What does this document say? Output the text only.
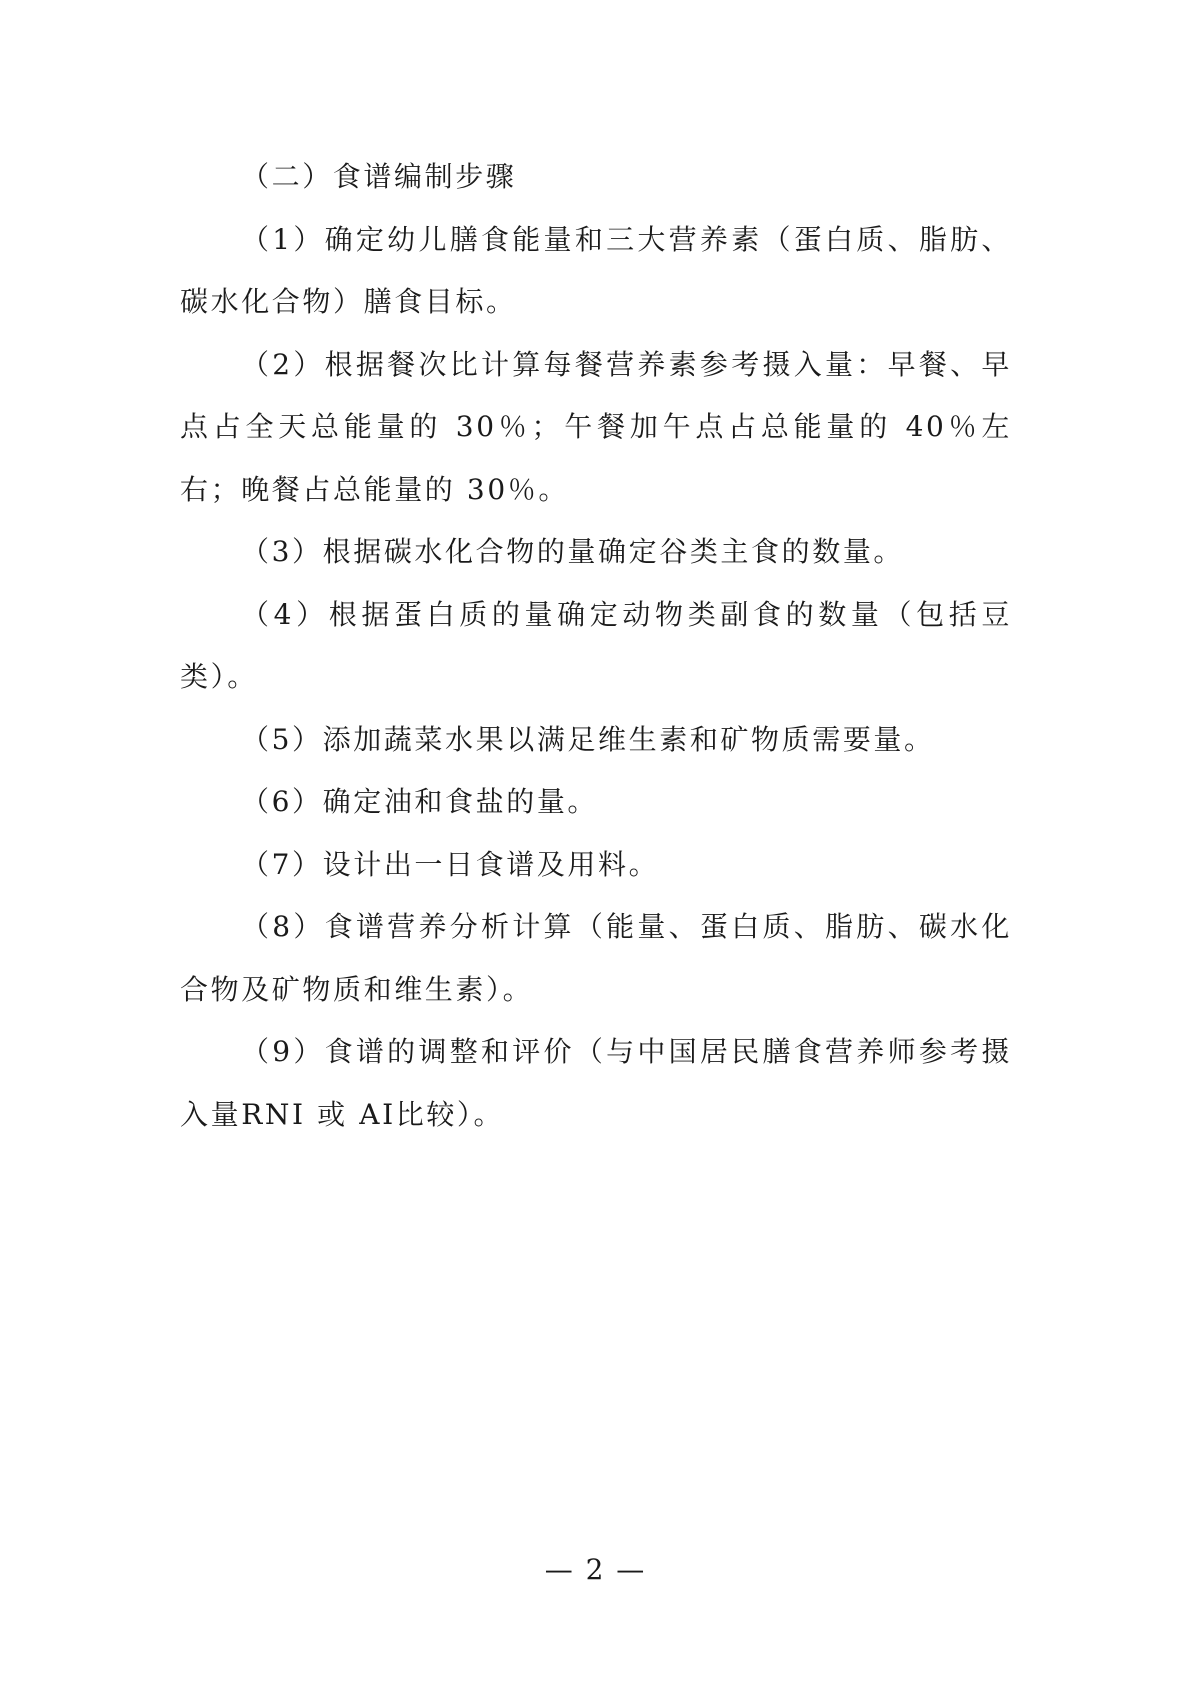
（二）食谱编制步骤

（1）确定幼儿膳食能量和三大营养素（蛋白质、脂肪、碳水化合物）膳食目标。

（2）根据餐次比计算每餐营养素参考摄入量：早餐、早点占全天总能量的 30％；午餐加午点占总能量的 40％左右；晚餐占总能量的 30％。

（3）根据碳水化合物的量确定谷类主食的数量。

（4）根据蛋白质的量确定动物类副食的数量（包括豆类）。

（5）添加蔬菜水果以满足维生素和矿物质需要量。

（6）确定油和食盐的量。

（7）设计出一日食谱及用料。

（8）食谱营养分析计算（能量、蛋白质、脂肪、碳水化合物及矿物质和维生素）。

（9）食谱的调整和评价（与中国居民膳食营养师参考摄入量RNI 或 AI比较）。

— 2 —
